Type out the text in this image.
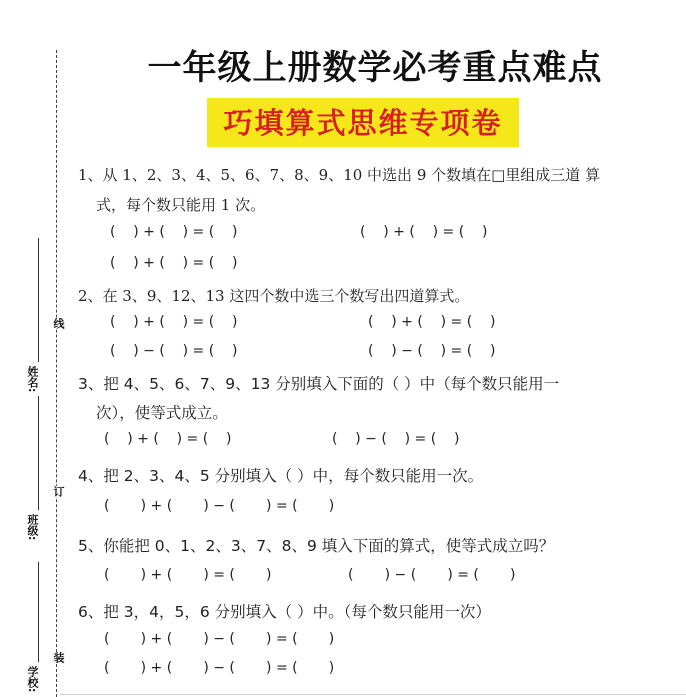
线
订
装
姓名:
班级:
学校:
一年级上册数学必考重点难点
巧填算式思维专项卷
1、从 1、2、3、4、5、6、7、8、9、10 中选出 9 个数填在□里组成三道 算
式，每个数只能用 1 次。
(    ) + (    ) = (    )	(    ) + (    ) = (    )
(    ) + (    ) = (    )
2、在 3、9、12、13 这四个数中选三个数写出四道算式。
(    ) + (    ) = (    )	(    ) + (    ) = (    )
(    ) − (    ) = (    )	(    ) − (    ) = (    )
3、把 4、5、6、7、9、13 分别填入下面的（ ）中（每个数只能用一
次），使等式成立。
(    ) + (    ) = (    )	(    ) − (    ) = (    )
4、把 2、3、4、5 分别填入（ ）中，每个数只能用一次。
(       ) + (       ) − (       ) = (       )
5、你能把 0、1、2、3、7、8、9 填入下面的算式，使等式成立吗？
(       ) + (       ) = (       )	(       ) − (       ) = (       )
6、把 3，4，5，6 分别填入（ ）中。（每个数只能用一次）
(       ) + (       ) − (       ) = (       )
(       ) + (       ) − (       ) = (       )
